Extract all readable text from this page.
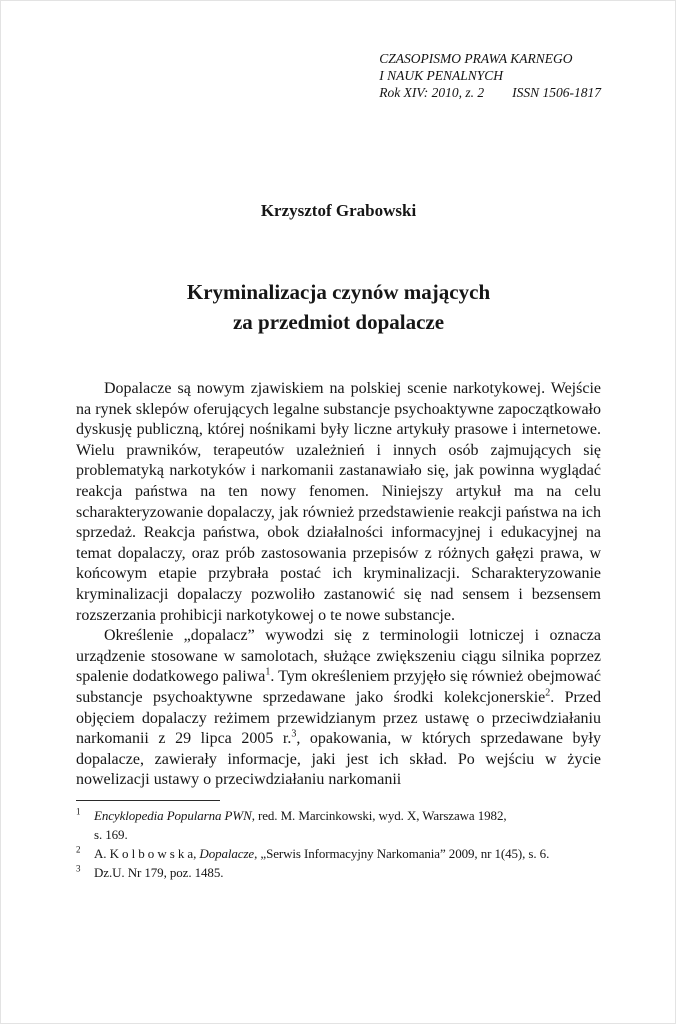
CZASOPISMO PRAWA KARNEGO
I NAUK PENALNYCH
Rok XIV: 2010, z. 2 ISSN 1506-1817
Krzysztof Grabowski
Kryminalizacja czynów mających
za przedmiot dopalacze

Dopalacze są nowym zjawiskiem na polskiej scenie narkotykowej. Wejście na rynek sklepów oferujących legalne substancje psychoaktywne zapoczątkowało dyskusję publiczną, której nośnikami były liczne artykuły prasowe i internetowe. Wielu prawników, terapeutów uzależnień i innych osób zajmujących się problematyką narkotyków i narkomanii zastanawiało się, jak powinna wyglądać reakcja państwa na ten nowy fenomen. Niniejszy artykuł ma na celu scharakteryzowanie dopalaczy, jak również przedstawienie reakcji państwa na ich sprzedaż. Reakcja państwa, obok działalności informacyjnej i edukacyjnej na temat dopalaczy, oraz prób zastosowania przepisów z różnych gałęzi prawa, w końcowym etapie przybrała postać ich kryminalizacji. Scharakteryzowanie kryminalizacji dopalaczy pozwoliło zastanowić się nad sensem i bezsensem rozszerzania prohibicji narkotykowej o te nowe substancje.

Określenie „dopalacz” wywodzi się z terminologii lotniczej i oznacza urządzenie stosowane w samolotach, służące zwiększeniu ciągu silnika poprzez spalenie dodatkowego paliwa$^1$. Tym określeniem przyjęło się również obejmować substancje psychoaktywne sprzedawane jako środki kolekcjonerskie$^2$. Przed objęciem dopalaczy reżimem przewidzianym przez ustawę o przeciwdziałaniu narkomanii z 29 lipca 2005 r.$^3$, opakowania, w których sprzedawane były dopalacze, zawierały informacje, jaki jest ich skład. Po wejściu w życie nowelizacji ustawy o przeciwdziałaniu narkomanii

$^1$	Encyklopedia Popularna PWN, red. M. Marcinkowski, wyd. X, Warszawa 1982,
s. 169.
$^2$	A. K o l b o w s k a, Dopalacze, „Serwis Informacyjny Narkomania” 2009, nr 1(45), s. 6.
$^3$	Dz.U. Nr 179, poz. 1485.
